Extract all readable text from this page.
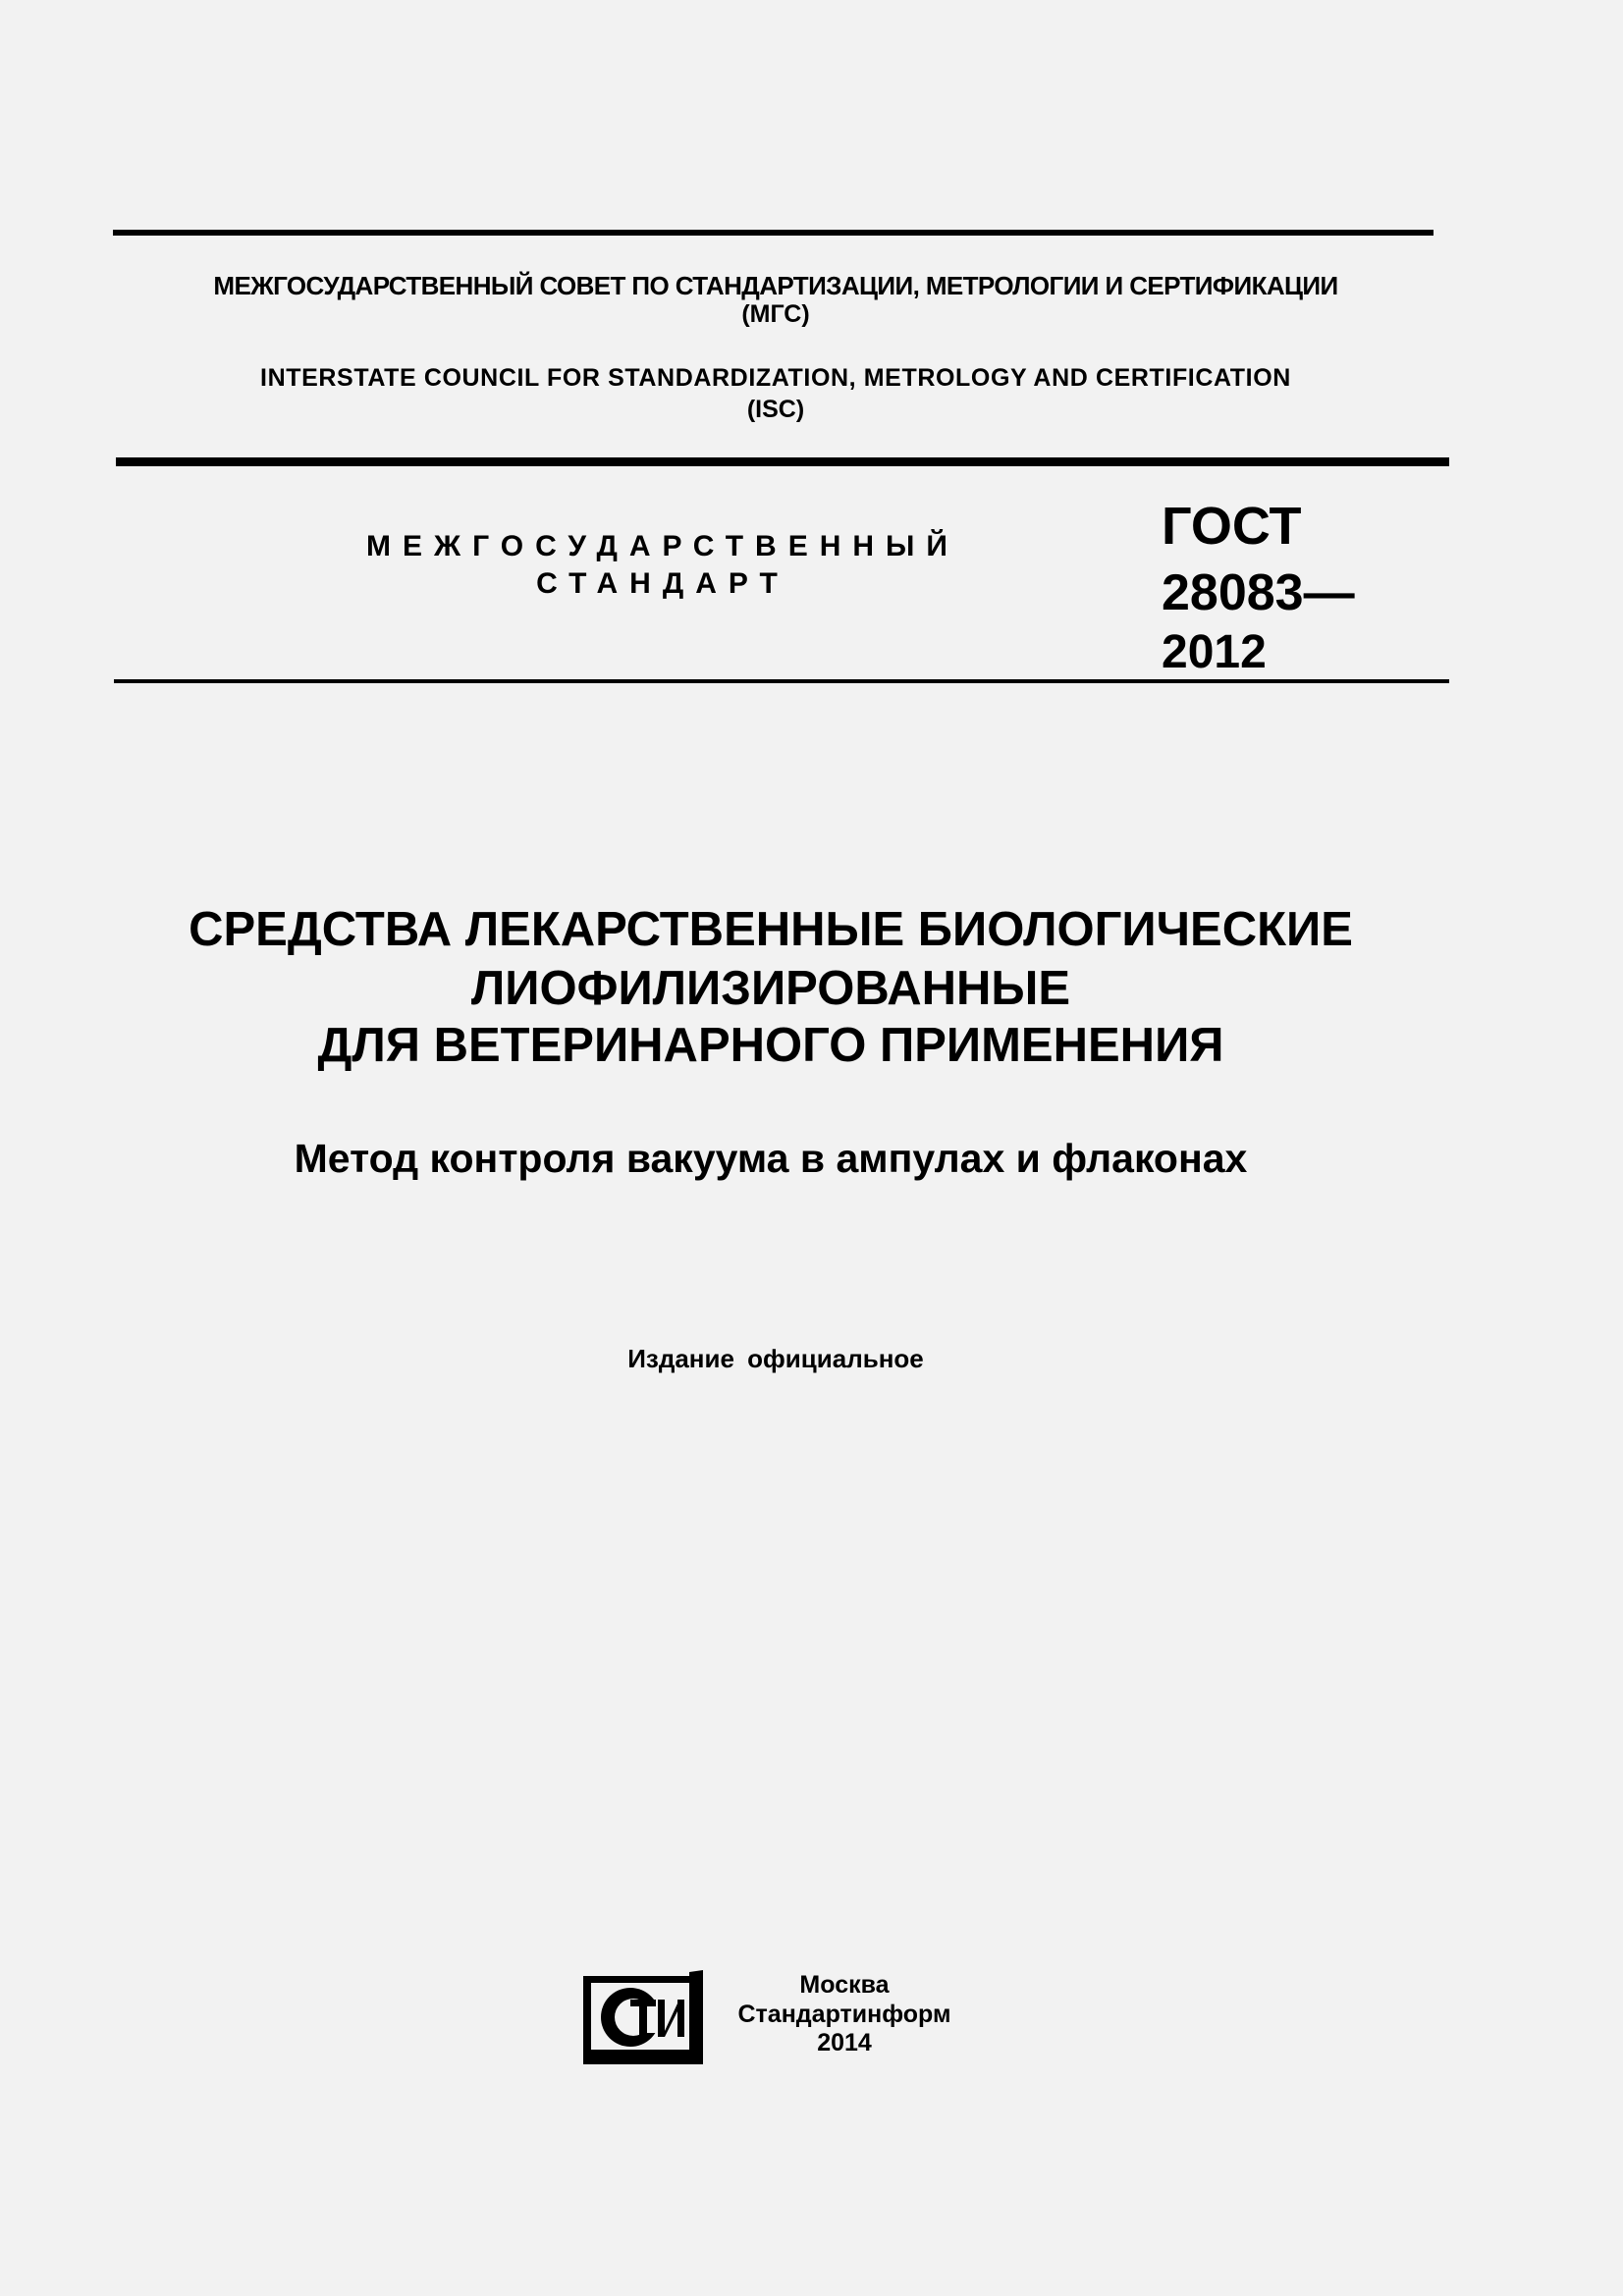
МЕЖГОСУДАРСТВЕННЫЙ СОВЕТ ПО СТАНДАРТИЗАЦИИ, МЕТРОЛОГИИ И СЕРТИФИКАЦИИ
(МГС)
INTERSTATE COUNCIL FOR STANDARDIZATION, METROLOGY AND CERTIFICATION
(ISC)
МЕЖГОСУДАРСТВЕННЫЙ
СТАНДАРТ
ГОСТ
28083—
2012
СРЕДСТВА ЛЕКАРСТВЕННЫЕ БИОЛОГИЧЕСКИЕ
ЛИОФИЛИЗИРОВАННЫЕ
ДЛЯ ВЕТЕРИНАРНОГО ПРИМЕНЕНИЯ
Метод контроля вакуума в ампулах и флаконах
Издание официальное
Москва
Стандартинформ
2014
